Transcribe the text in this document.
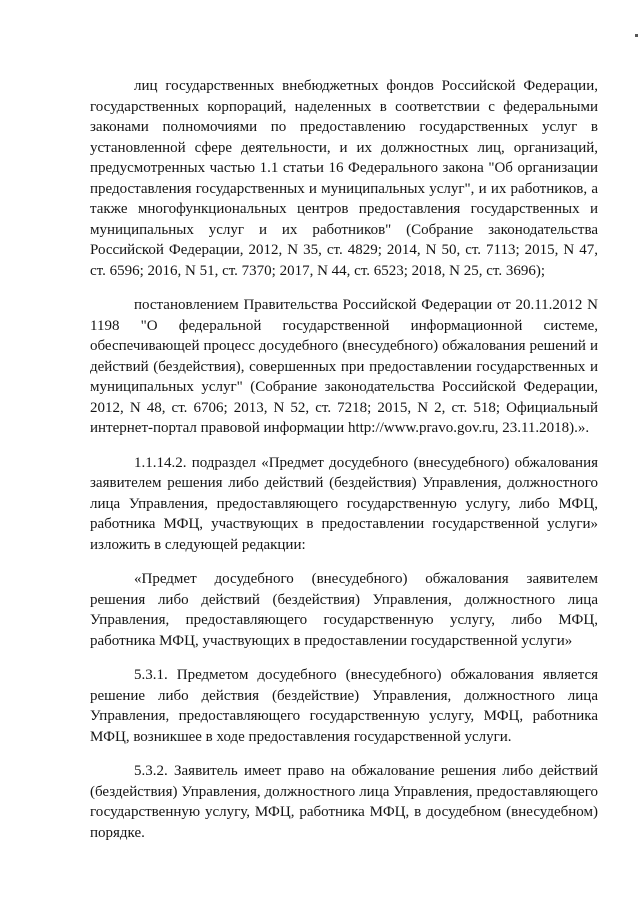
лиц государственных внебюджетных фондов Российской Федерации, государственных корпораций, наделенных в соответствии с федеральными законами полномочиями по предоставлению государственных услуг в установленной сфере деятельности, и их должностных лиц, организаций, предусмотренных частью 1.1 статьи 16 Федерального закона "Об организации предоставления государственных и муниципальных услуг", и их работников, а также многофункциональных центров предоставления государственных и муниципальных услуг и их работников" (Собрание законодательства Российской Федерации, 2012, N 35, ст. 4829; 2014, N 50, ст. 7113; 2015, N 47, ст. 6596; 2016, N 51, ст. 7370; 2017, N 44, ст. 6523; 2018, N 25, ст. 3696);

постановлением Правительства Российской Федерации от 20.11.2012 N 1198 "О федеральной государственной информационной системе, обеспечивающей процесс досудебного (внесудебного) обжалования решений и действий (бездействия), совершенных при предоставлении государственных и муниципальных услуг" (Собрание законодательства Российской Федерации, 2012, N 48, ст. 6706; 2013, N 52, ст. 7218; 2015, N 2, ст. 518; Официальный интернет-портал правовой информации http://www.pravo.gov.ru, 23.11.2018).».

1.1.14.2. подраздел «Предмет досудебного (внесудебного) обжалования заявителем решения либо действий (бездействия) Управления, должностного лица Управления, предоставляющего государственную услугу, либо МФЦ, работника МФЦ, участвующих в предоставлении государственной услуги» изложить в следующей редакции:

«Предмет досудебного (внесудебного) обжалования заявителем решения либо действий (бездействия) Управления, должностного лица Управления, предоставляющего государственную услугу, либо МФЦ, работника МФЦ, участвующих в предоставлении государственной услуги»

5.3.1. Предметом досудебного (внесудебного) обжалования является решение либо действия (бездействие) Управления, должностного лица Управления, предоставляющего государственную услугу, МФЦ, работника МФЦ, возникшее в ходе предоставления государственной услуги.

5.3.2. Заявитель имеет право на обжалование решения либо действий (бездействия) Управления, должностного лица Управления, предоставляющего государственную услугу, МФЦ, работника МФЦ, в досудебном (внесудебном) порядке.
